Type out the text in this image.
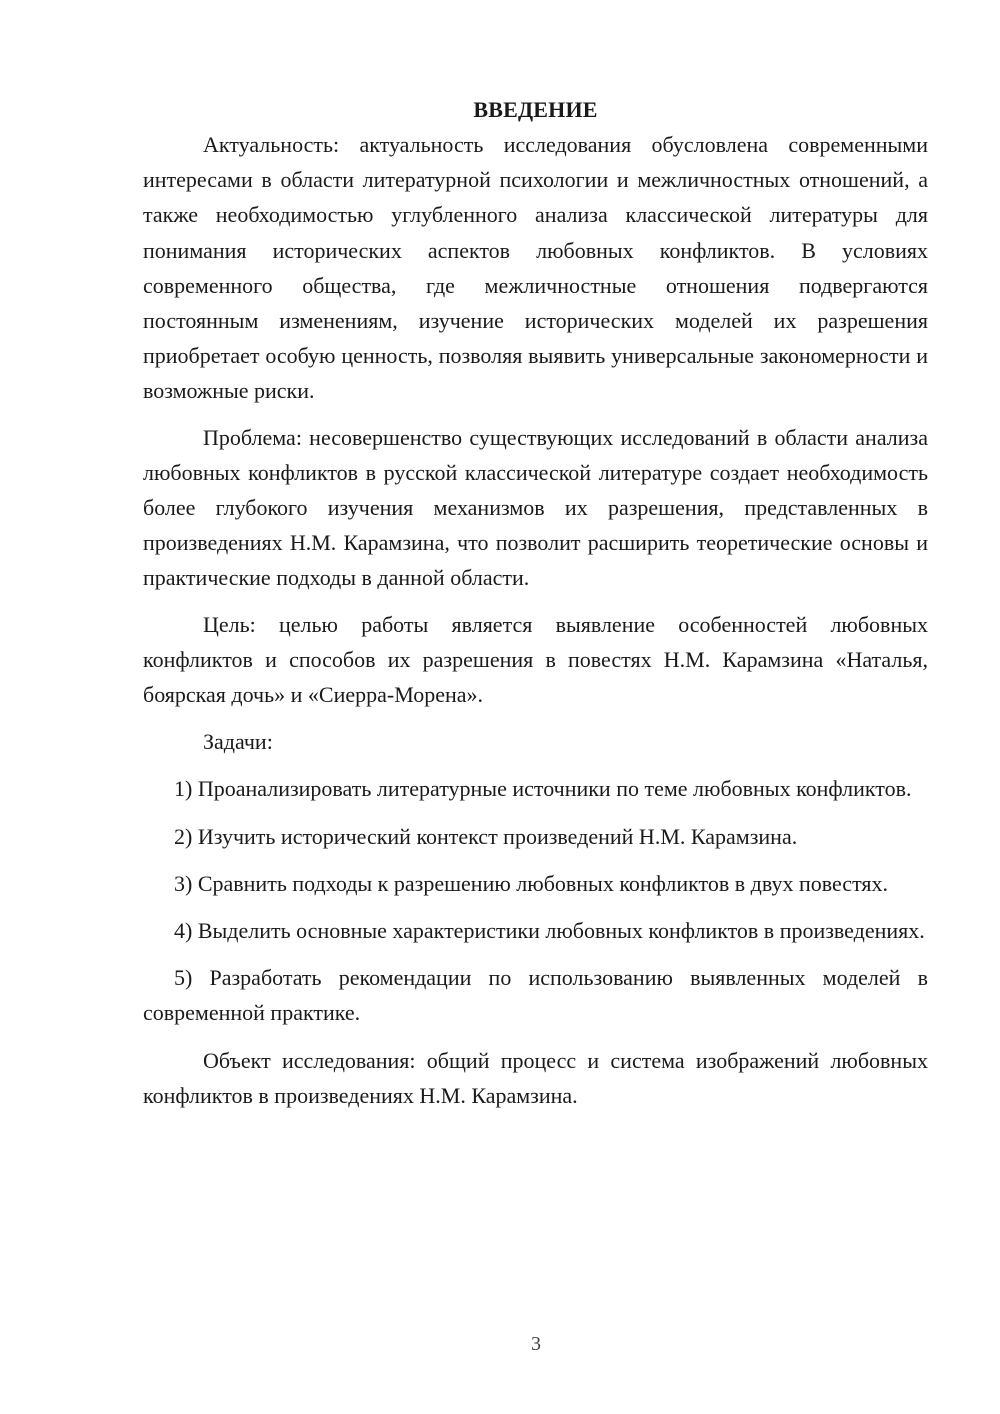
ВВЕДЕНИЕ

Актуальность: актуальность исследования обусловлена современными интересами в области литературной психологии и межличностных отношений, а также необходимостью углубленного анализа классической литературы для понимания исторических аспектов любовных конфликтов. В условиях современного общества, где межличностные отношения подвергаются постоянным изменениям, изучение исторических моделей их разрешения приобретает особую ценность, позволяя выявить универсальные закономерности и возможные риски.

Проблема: несовершенство существующих исследований в области анализа любовных конфликтов в русской классической литературе создает необходимость более глубокого изучения механизмов их разрешения, представленных в произведениях Н.М. Карамзина, что позволит расширить теоретические основы и практические подходы в данной области.

Цель: целью работы является выявление особенностей любовных конфликтов и способов их разрешения в повестях Н.М. Карамзина «Наталья, боярская дочь» и «Сиерра-Морена».

Задачи:

1) Проанализировать литературные источники по теме любовных конфликтов.

2) Изучить исторический контекст произведений Н.М. Карамзина.

3) Сравнить подходы к разрешению любовных конфликтов в двух повестях.

4) Выделить основные характеристики любовных конфликтов в произведениях.

5) Разработать рекомендации по использованию выявленных моделей в современной практике.

Объект исследования: общий процесс и система изображений любовных конфликтов в произведениях Н.М. Карамзина.

3
